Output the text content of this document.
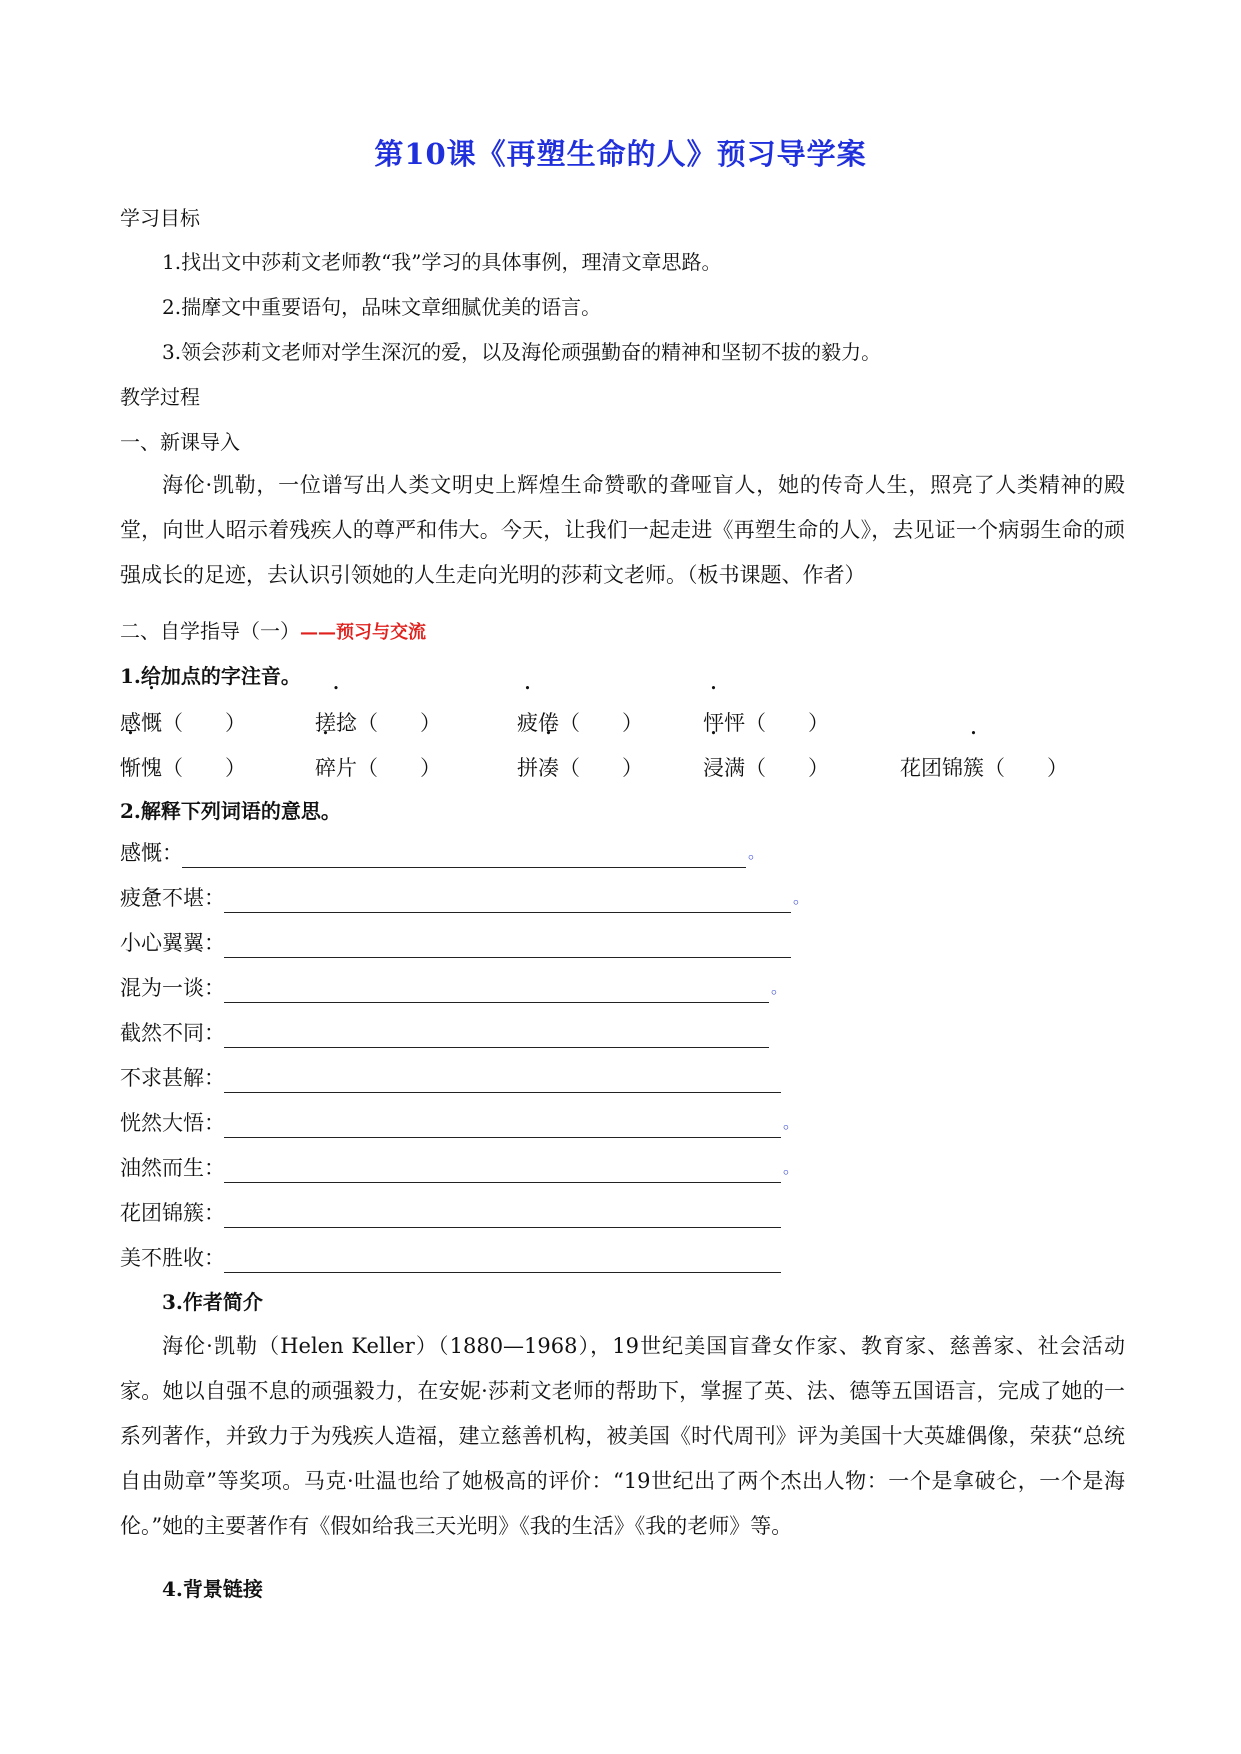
第10课《再塑生命的人》预习导学案
学习目标
1.找出文中莎莉文老师教“我”学习的具体事例，理清文章思路。
2.揣摩文中重要语句，品味文章细腻优美的语言。
3.领会莎莉文老师对学生深沉的爱，以及海伦顽强勤奋的精神和坚韧不拔的毅力。
教学过程
一、新课导入
海伦·凯勒，一位谱写出人类文明史上辉煌生命赞歌的聋哑盲人，她的传奇人生，照亮了人类精神的殿堂，向世人昭示着残疾人的尊严和伟大。今天，让我们一起走进《再塑生命的人》，去见证一个病弱生命的顽强成长的足迹，去认识引领她的人生走向光明的莎莉文老师。（板书课题、作者）
二、自学指导（一）——预习与交流
1.给加点的字注音。
感慨（　　）	搓捻（　　）	疲倦（　　）	怦怦（　　）
惭愧（　　）	碎片（　　）	拼凑（　　）	浸满（　　）	花团锦簇（　　）
2.解释下列词语的意思。
感慨：	。
疲惫不堪：	。
小心翼翼：
混为一谈：	。
截然不同：
不求甚解：
恍然大悟：	。
油然而生：	。
花团锦簇：
美不胜收：
3.作者简介
海伦·凯勒（Helen Keller）（1880—1968），19世纪美国盲聋女作家、教育家、慈善家、社会活动家。她以自强不息的顽强毅力，在安妮·莎莉文老师的帮助下，掌握了英、法、德等五国语言，完成了她的一系列著作，并致力于为残疾人造福，建立慈善机构，被美国《时代周刊》评为美国十大英雄偶像，荣获“总统自由勋章”等奖项。马克·吐温也给了她极高的评价：“19世纪出了两个杰出人物：一个是拿破仑，一个是海伦。”她的主要著作有《假如给我三天光明》《我的生活》《我的老师》等。
4.背景链接
